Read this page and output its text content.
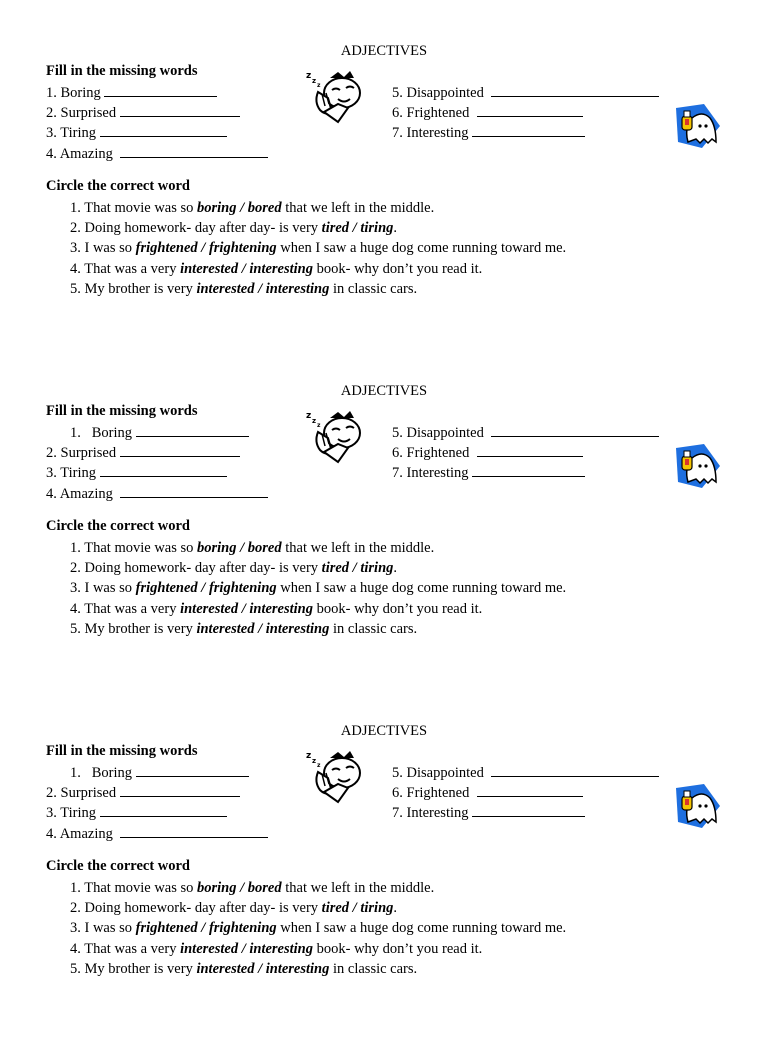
ADJECTIVES
Fill in the missing words
1. Boring
2. Surprised
3. Tiring
4. Amazing
5. Disappointed
6. Frightened
7. Interesting
z z
z
Circle the correct word
1. That movie was so boring / bored that we left in the middle.
2. Doing homework- day after day- is very tired / tiring.
3. I was so frightened / frightening when I saw a huge dog come running toward me.
4. That was a very interested / interesting book- why don’t you read it.
5. My brother is very interested / interesting in classic cars.
ADJECTIVES
Fill in the missing words
1. Boring
2. Surprised
3. Tiring
4. Amazing
5. Disappointed
6. Frightened
7. Interesting
z z
z
Circle the correct word
1. That movie was so boring / bored that we left in the middle.
2. Doing homework- day after day- is very tired / tiring.
3. I was so frightened / frightening when I saw a huge dog come running toward me.
4. That was a very interested / interesting book- why don’t you read it.
5. My brother is very interested / interesting in classic cars.
ADJECTIVES
Fill in the missing words
1. Boring
2. Surprised
3. Tiring
4. Amazing
5. Disappointed
6. Frightened
7. Interesting
z z
z
Circle the correct word
1. That movie was so boring / bored that we left in the middle.
2. Doing homework- day after day- is very tired / tiring.
3. I was so frightened / frightening when I saw a huge dog come running toward me.
4. That was a very interested / interesting book- why don’t you read it.
5. My brother is very interested / interesting in classic cars.
